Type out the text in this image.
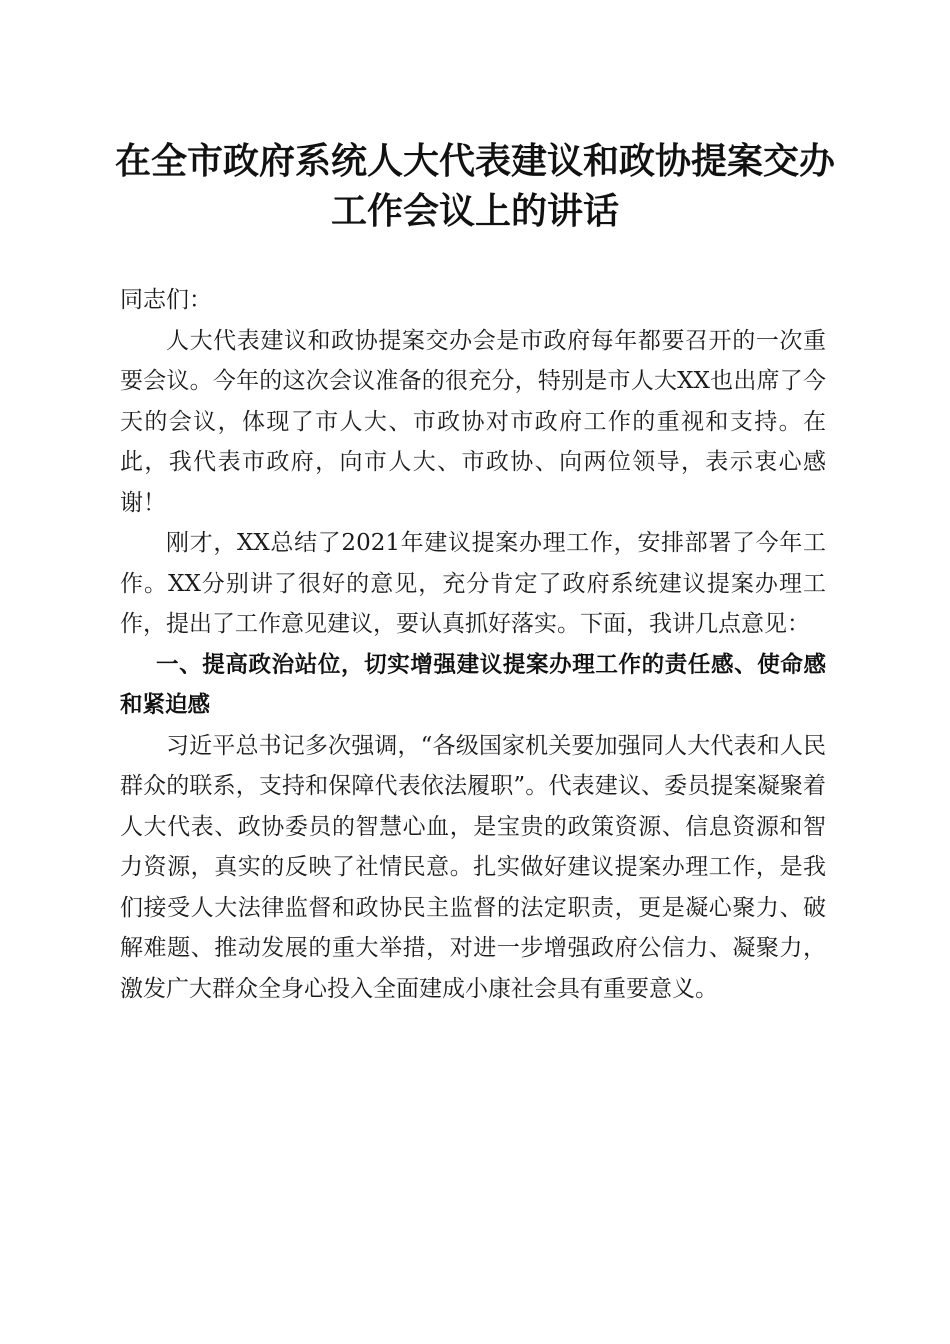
在全市政府系统人大代表建议和政协提案交办
工作会议上的讲话

同志们：

人大代表建议和政协提案交办会是市政府每年都要召开的一次重要会议。今年的这次会议准备的很充分，特别是市人大XX也出席了今天的会议，体现了市人大、市政协对市政府工作的重视和支持。在此，我代表市政府，向市人大、市政协、向两位领导，表示衷心感谢！

刚才，XX总结了2021年建议提案办理工作，安排部署了今年工作。XX分别讲了很好的意见，充分肯定了政府系统建议提案办理工作，提出了工作意见建议，要认真抓好落实。下面，我讲几点意见：

一、提高政治站位，切实增强建议提案办理工作的责任感、使命感和紧迫感

习近平总书记多次强调，“各级国家机关要加强同人大代表和人民群众的联系，支持和保障代表依法履职”。代表建议、委员提案凝聚着人大代表、政协委员的智慧心血，是宝贵的政策资源、信息资源和智力资源，真实的反映了社情民意。扎实做好建议提案办理工作，是我们接受人大法律监督和政协民主监督的法定职责，更是凝心聚力、破解难题、推动发展的重大举措，对进一步增强政府公信力、凝聚力，激发广大群众全身心投入全面建成小康社会具有重要意义。
